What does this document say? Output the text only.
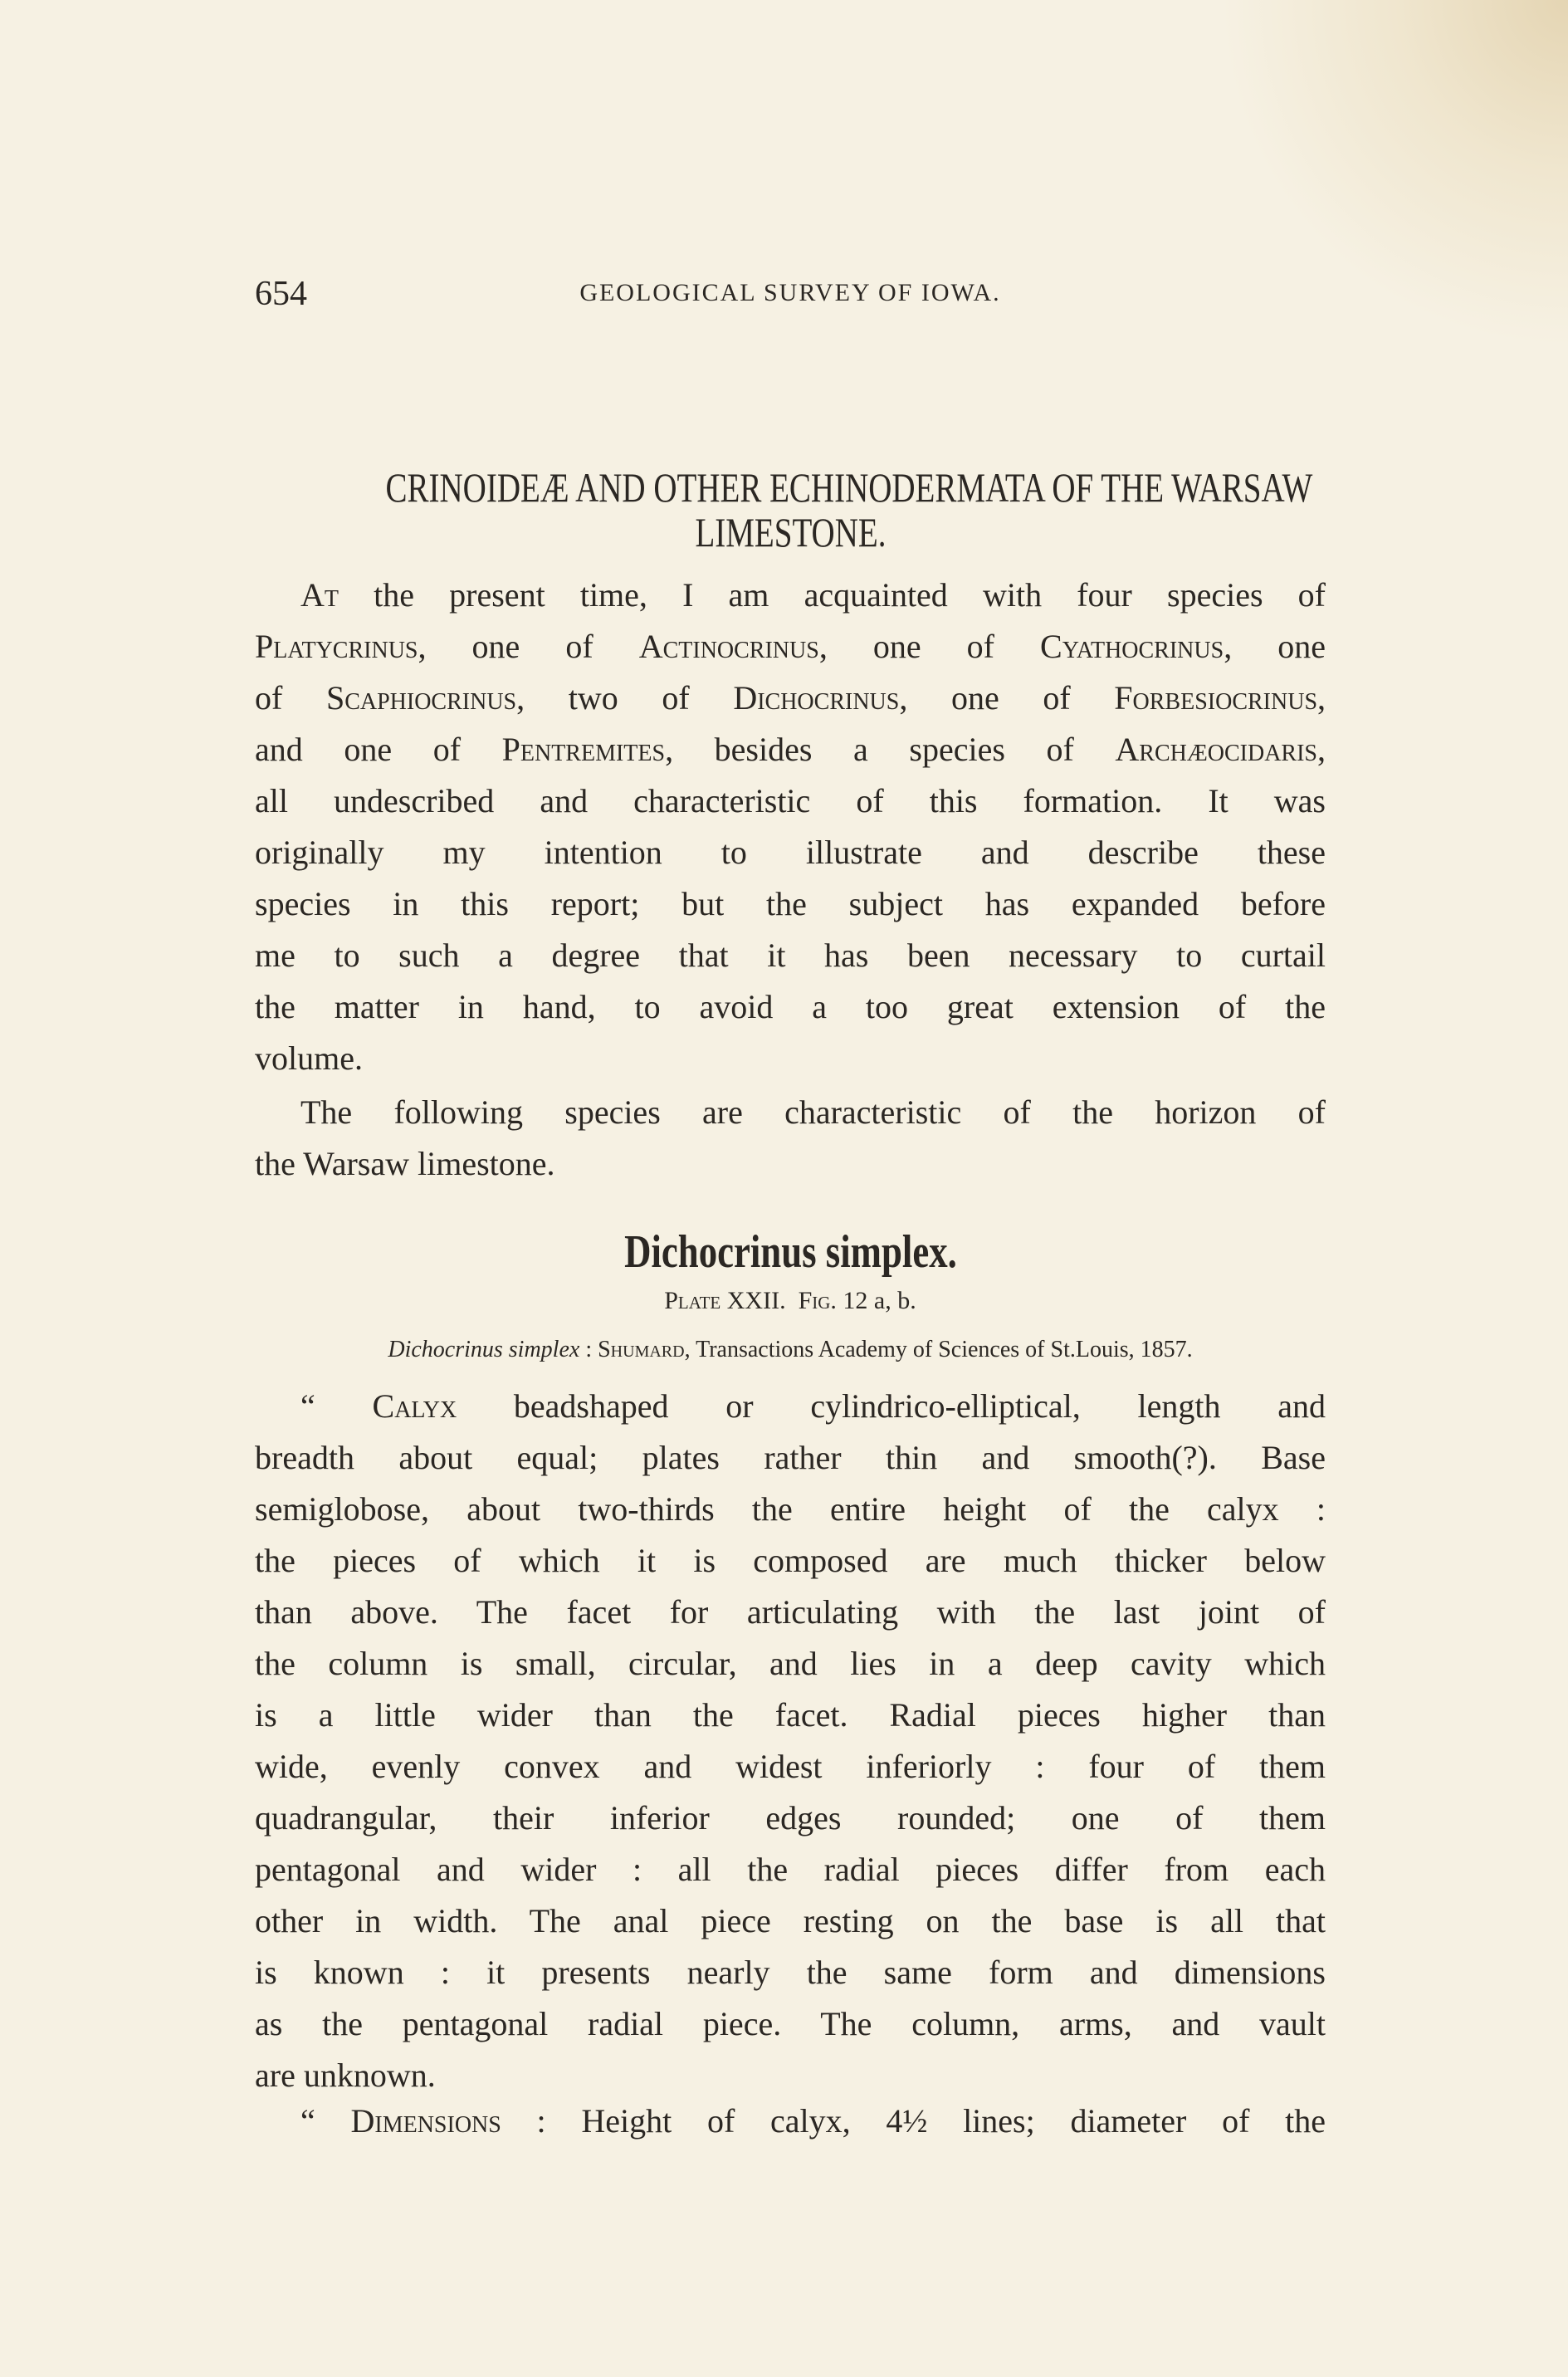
654	GEOLOGICAL SURVEY OF IOWA.
CRINOIDEÆ AND OTHER ECHINODERMATA OF THE WARSAW
LIMESTONE.
At the present time, I am acquainted with four species of
Platycrinus, one of Actinocrinus, one of Cyathocrinus, one
of Scaphiocrinus, two of Dichocrinus, one of Forbesiocrinus,
and one of Pentremites, besides a species of Archæocidaris,
all undescribed and characteristic of this formation. It was
originally my intention to illustrate and describe these
species in this report; but the subject has expanded before
me to such a degree that it has been necessary to curtail
the matter in hand, to avoid a too great extension of the
volume.
The following species are characteristic of the horizon of
the Warsaw limestone.
Dichocrinus simplex.
Plate XXII. Fig. 12 a, b.
Dichocrinus simplex : Shumard, Transactions Academy of Sciences of St.Louis, 1857.
“ Calyx beadshaped or cylindrico-elliptical, length and
breadth about equal; plates rather thin and smooth(?). Base
semiglobose, about two-thirds the entire height of the calyx :
the pieces of which it is composed are much thicker below
than above. The facet for articulating with the last joint of
the column is small, circular, and lies in a deep cavity which
is a little wider than the facet. Radial pieces higher than
wide, evenly convex and widest inferiorly : four of them
quadrangular, their inferior edges rounded; one of them
pentagonal and wider : all the radial pieces differ from each
other in width. The anal piece resting on the base is all that
is known : it presents nearly the same form and dimensions
as the pentagonal radial piece. The column, arms, and vault
are unknown.
“ Dimensions : Height of calyx, 4½ lines; diameter of the
